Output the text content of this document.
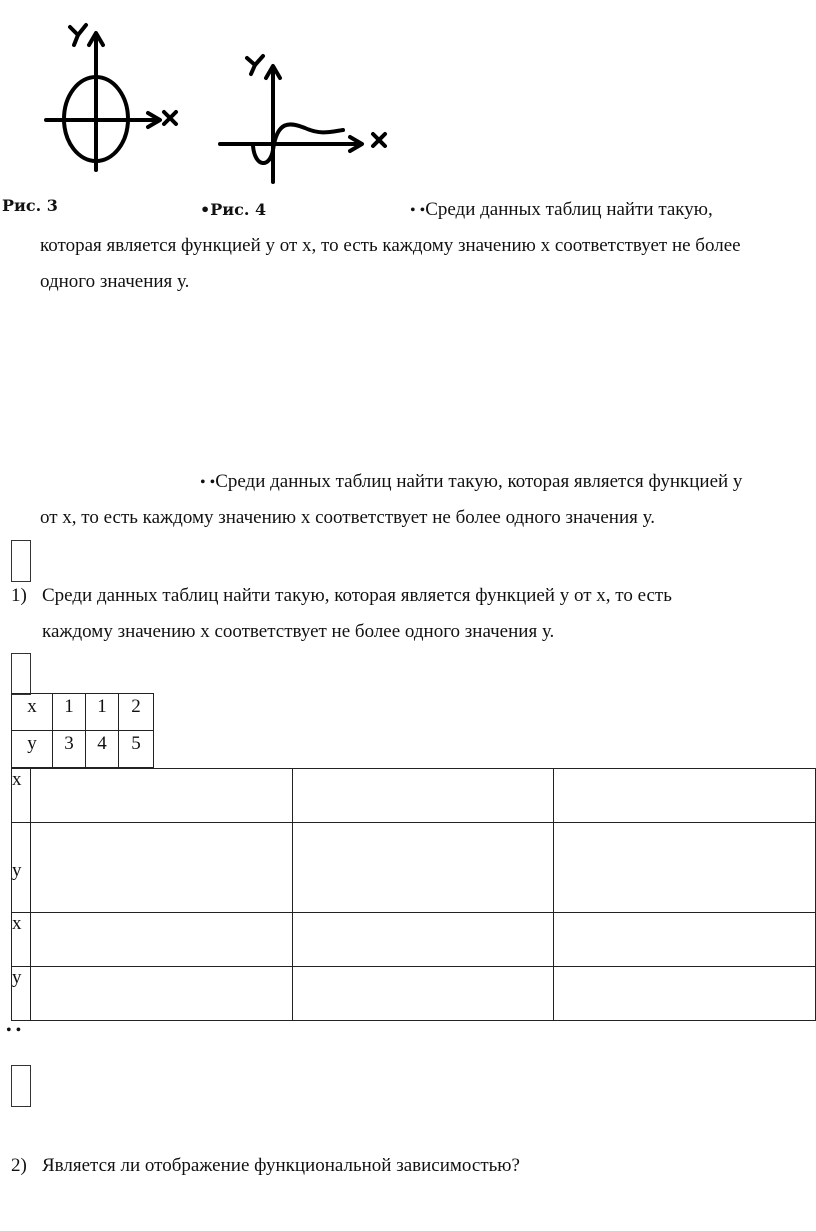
Рис. 3	•Рис. 4	• •Среди данных таблиц найти такую,
которая является функцией у от х, то есть каждому значению х соответствует не более
одного значения у.
• •Среди данных таблиц найти такую, которая является функцией у
от х, то есть каждому значению х соответствует не более одного значения у.
1) Среди данных таблиц найти такую, которая является функцией у от х, то есть
каждому значению х соответствует не более одного значения у.
x	1	1	2
y	3	4	5
x			
y			
x			
y			
• •
2) Является ли отображение функциональной зависимостью?
